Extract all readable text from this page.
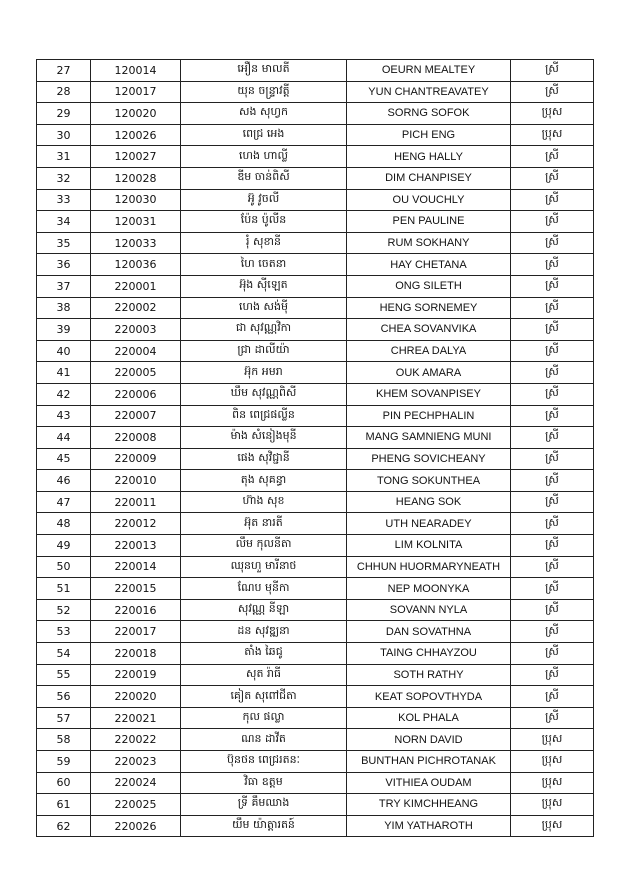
27	120014	អឿន មាលតី	OEURN MEALTEY	ស្រី
28	120017	យុន ចន្ទ្រាវត្តី	YUN CHANTREAVATEY	ស្រី
29	120020	សង សុហ្វក	SORNG SOFOK	ប្រុស
30	120026	ពេជ្រ អេង	PICH ENG	ប្រុស
31	120027	ហេង ហាល្លី	HENG HALLY	ស្រី
32	120028	ឌីម ចាន់ពិសី	DIM CHANPISEY	ស្រី
33	120030	អ៊ូ វូចលី	OU VOUCHLY	ស្រី
34	120031	ប៉ែន ប៉ូលីន	PEN PAULINE	ស្រី
35	120033	រុំ សុខានី	RUM SOKHANY	ស្រី
36	120036	ហៃ ចេតនា	HAY CHETANA	ស្រី
37	220001	អ៊ុង ស៊ីឡេត	ONG SILETH	ស្រី
38	220002	ហេង សង់មុី	HENG SORNEMEY	ស្រី
39	220003	ជា សុវណ្ណវិកា	CHEA SOVANVIKA	ស្រី
40	220004	ជ្រា ដាលីយ៉ា	CHREA DALYA	ស្រី
41	220005	អ៊ុក អមរា	OUK AMARA	ស្រី
42	220006	ឃឹម សុវណ្ណពិសី	KHEM SOVANPISEY	ស្រី
43	220007	ពិន ពេជ្រផល្លីន	PIN PECHPHALIN	ស្រី
44	220008	ម៉ាង សំនៀងមុនី	MANG SAMNIENG MUNI	ស្រី
45	220009	ផេង សុវិជ្ជានី	PHENG SOVICHEANY	ស្រី
46	220010	តុង សុគន្ធា	TONG SOKUNTHEA	ស្រី
47	220011	ហ៊ាង សុខ	HEANG SOK	ស្រី
48	220012	អ៊ុត នារតី	UTH NEARADEY	ស្រី
49	220013	លឹម កុលនីតា	LIM KOLNITA	ស្រី
50	220014	ឈុនហួ មារីនាថ	CHHUN HUORMARYNEATH	ស្រី
51	220015	ណែប មុនីកា	NEP MOONYKA	ស្រី
52	220016	សុវណ្ណ នីឡា	SOVANN NYLA	ស្រី
53	220017	ដន សុវឌ្ឍនា	DAN SOVATHNA	ស្រី
54	220018	តាំង ឆៃជូ	TAING CHHAYZOU	ស្រី
55	220019	សុត រ៉ាធី	SOTH RATHY	ស្រី
56	220020	គៀត សុពៅជីតា	KEAT SOPOVTHYDA	ស្រី
57	220021	កុល ផល្លា	KOL PHALA	ស្រី
58	220022	ណន ដាវីត	NORN DAVID	ប្រុស
59	220023	ប៊ុនថន ពេជ្ររតនៈ	BUNTHAN PICHROTANAK	ប្រុស
60	220024	វិធា ឧត្តម	VITHIEA OUDAM	ប្រុស
61	220025	ទ្រី គឹមឈាង	TRY KIMCHHEANG	ប្រុស
62	220026	យឹម យ៉ាត្តារតន៍	YIM YATHAROTH	ប្រុស
